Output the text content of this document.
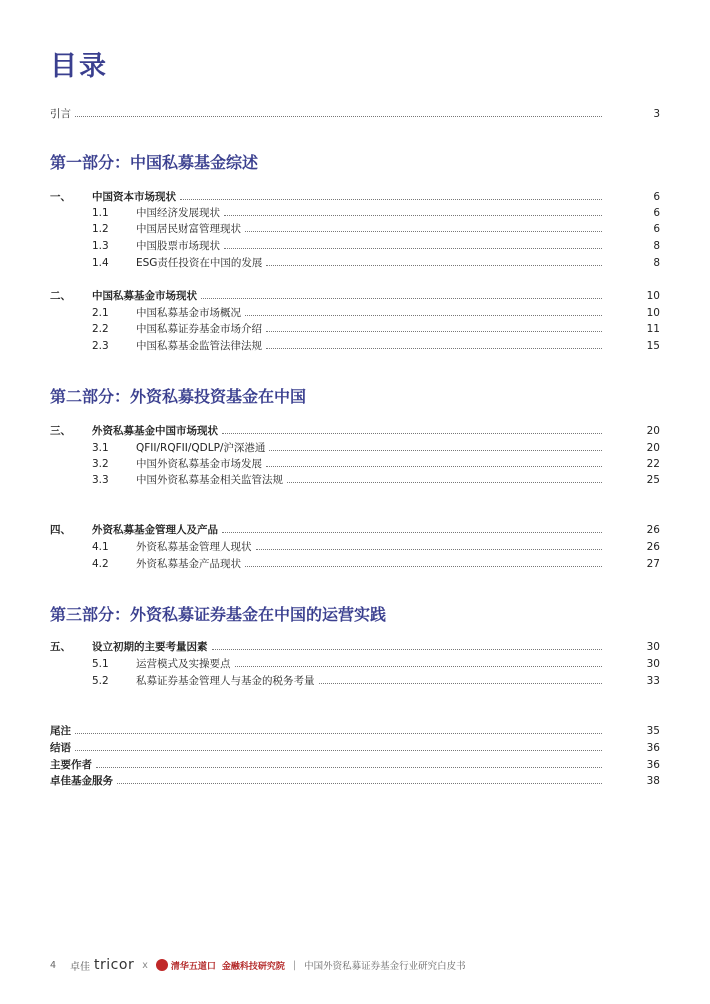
目录
引言	3
第一部分：中国私募基金综述
一、	中国资本市场现状	6
1.1	中国经济发展现状	6
1.2	中国居民财富管理现状	6
1.3	中国股票市场现状	8
1.4	ESG责任投资在中国的发展	8
二、	中国私募基金市场现状	10
2.1	中国私募基金市场概况	10
2.2	中国私募证券基金市场介绍	11
2.3	中国私募基金监管法律法规	15
第二部分：外资私募投资基金在中国
三、	外资私募基金中国市场现状	20
3.1	QFII/RQFII/QDLP/沪深港通	20
3.2	中国外资私募基金市场发展	22
3.3	中国外资私募基金相关监管法规	25
四、	外资私募基金管理人及产品	26
4.1	外资私募基金管理人现状	26
4.2	外资私募基金产品现状	27
第三部分：外资私募证券基金在中国的运营实践
五、	设立初期的主要考量因素	30
5.1	运营模式及实操要点	30
5.2	私募证券基金管理人与基金的税务考量	33
尾注	35
结语	36
主要作者	36
卓佳基金服务	38
4 卓佳 tricor x	清华五道口 金融科技研究院 | 中国外资私募证券基金行业研究白皮书
